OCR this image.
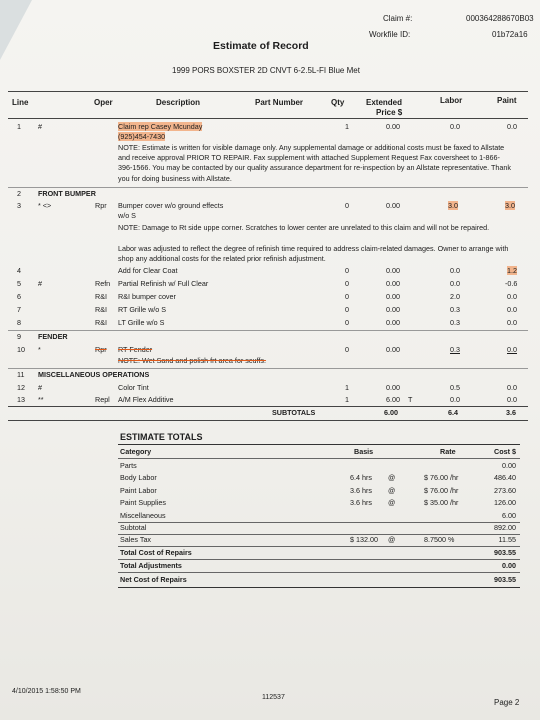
Claim #:	000364288670B03
Workfile ID:	01b72a16
Estimate of Record
1999 PORS BOXSTER 2D CNVT 6-2.5L-FI Blue Met
Line	Oper	Description	Part Number	Qty	Extended
Price $
Labor	Paint
1 #	Claim rep Casey Mcunday	1	0.00	0.0	0.0
(925)454-7430
NOTE: Estimate is written for visible damage only. Any supplemental damage or additional costs must be faxed to Allstate and receive approval PRIOR TO REPAIR. Fax supplement with attached Supplement Request Fax coversheet to 1-866-396-1566. You may be contacted by our quality assurance department for re-inspection by an Allstate representative. Thank you for doing business with Allstate.
2 FRONT BUMPER
3 * <>	Rpr Bumper cover w/o ground effects	0	0.00	3.0	3.0
w/o S
NOTE: Damage to Rt side uppe corner. Scratches to lower center are unrelated to this claim and will not be repaired.
Labor was adjusted to reflect the degree of refinish time required to address claim-related damages. Owner to arrange with shop any additional costs for the related prior refinish adjustment.
4	Add for Clear Coat	0	0.00	0.0	1.2
5 #	Refn Partial Refinish w/ Full Clear	0	0.00	0.0	-0.6
6	R&I R&I bumper cover	0	0.00	2.0	0.0
7	R&I RT Grille w/o S	0	0.00	0.3	0.0
8	R&I LT Grille w/o S	0	0.00	0.3	0.0
9 FENDER
10 *	Rpr RT Fender	0	0.00	0.3	0.0
NOTE: Wet Sand and polish frt area for scuffs.
11 MISCELLANEOUS OPERATIONS
12 #	Color Tint	1	0.00	0.5	0.0
13 **	Repl A/M Flex Additive	1	6.00 T	0.0	0.0
SUBTOTALS	6.00	6.4	3.6
ESTIMATE TOTALS
Category	Basis	Rate	Cost $
Parts	0.00
Body Labor	6.4 hrs @	$ 76.00 /hr	486.40
Paint Labor	3.6 hrs @	$ 76.00 /hr	273.60
Paint Supplies	3.6 hrs @	$ 35.00 /hr	126.00
Miscellaneous	6.00
Subtotal	892.00
Sales Tax	$ 132.00 @	8.7500 %	11.55
Total Cost of Repairs	903.55
Total Adjustments	0.00
Net Cost of Repairs	903.55
4/10/2015 1:58:50 PM
112537
Page 2
